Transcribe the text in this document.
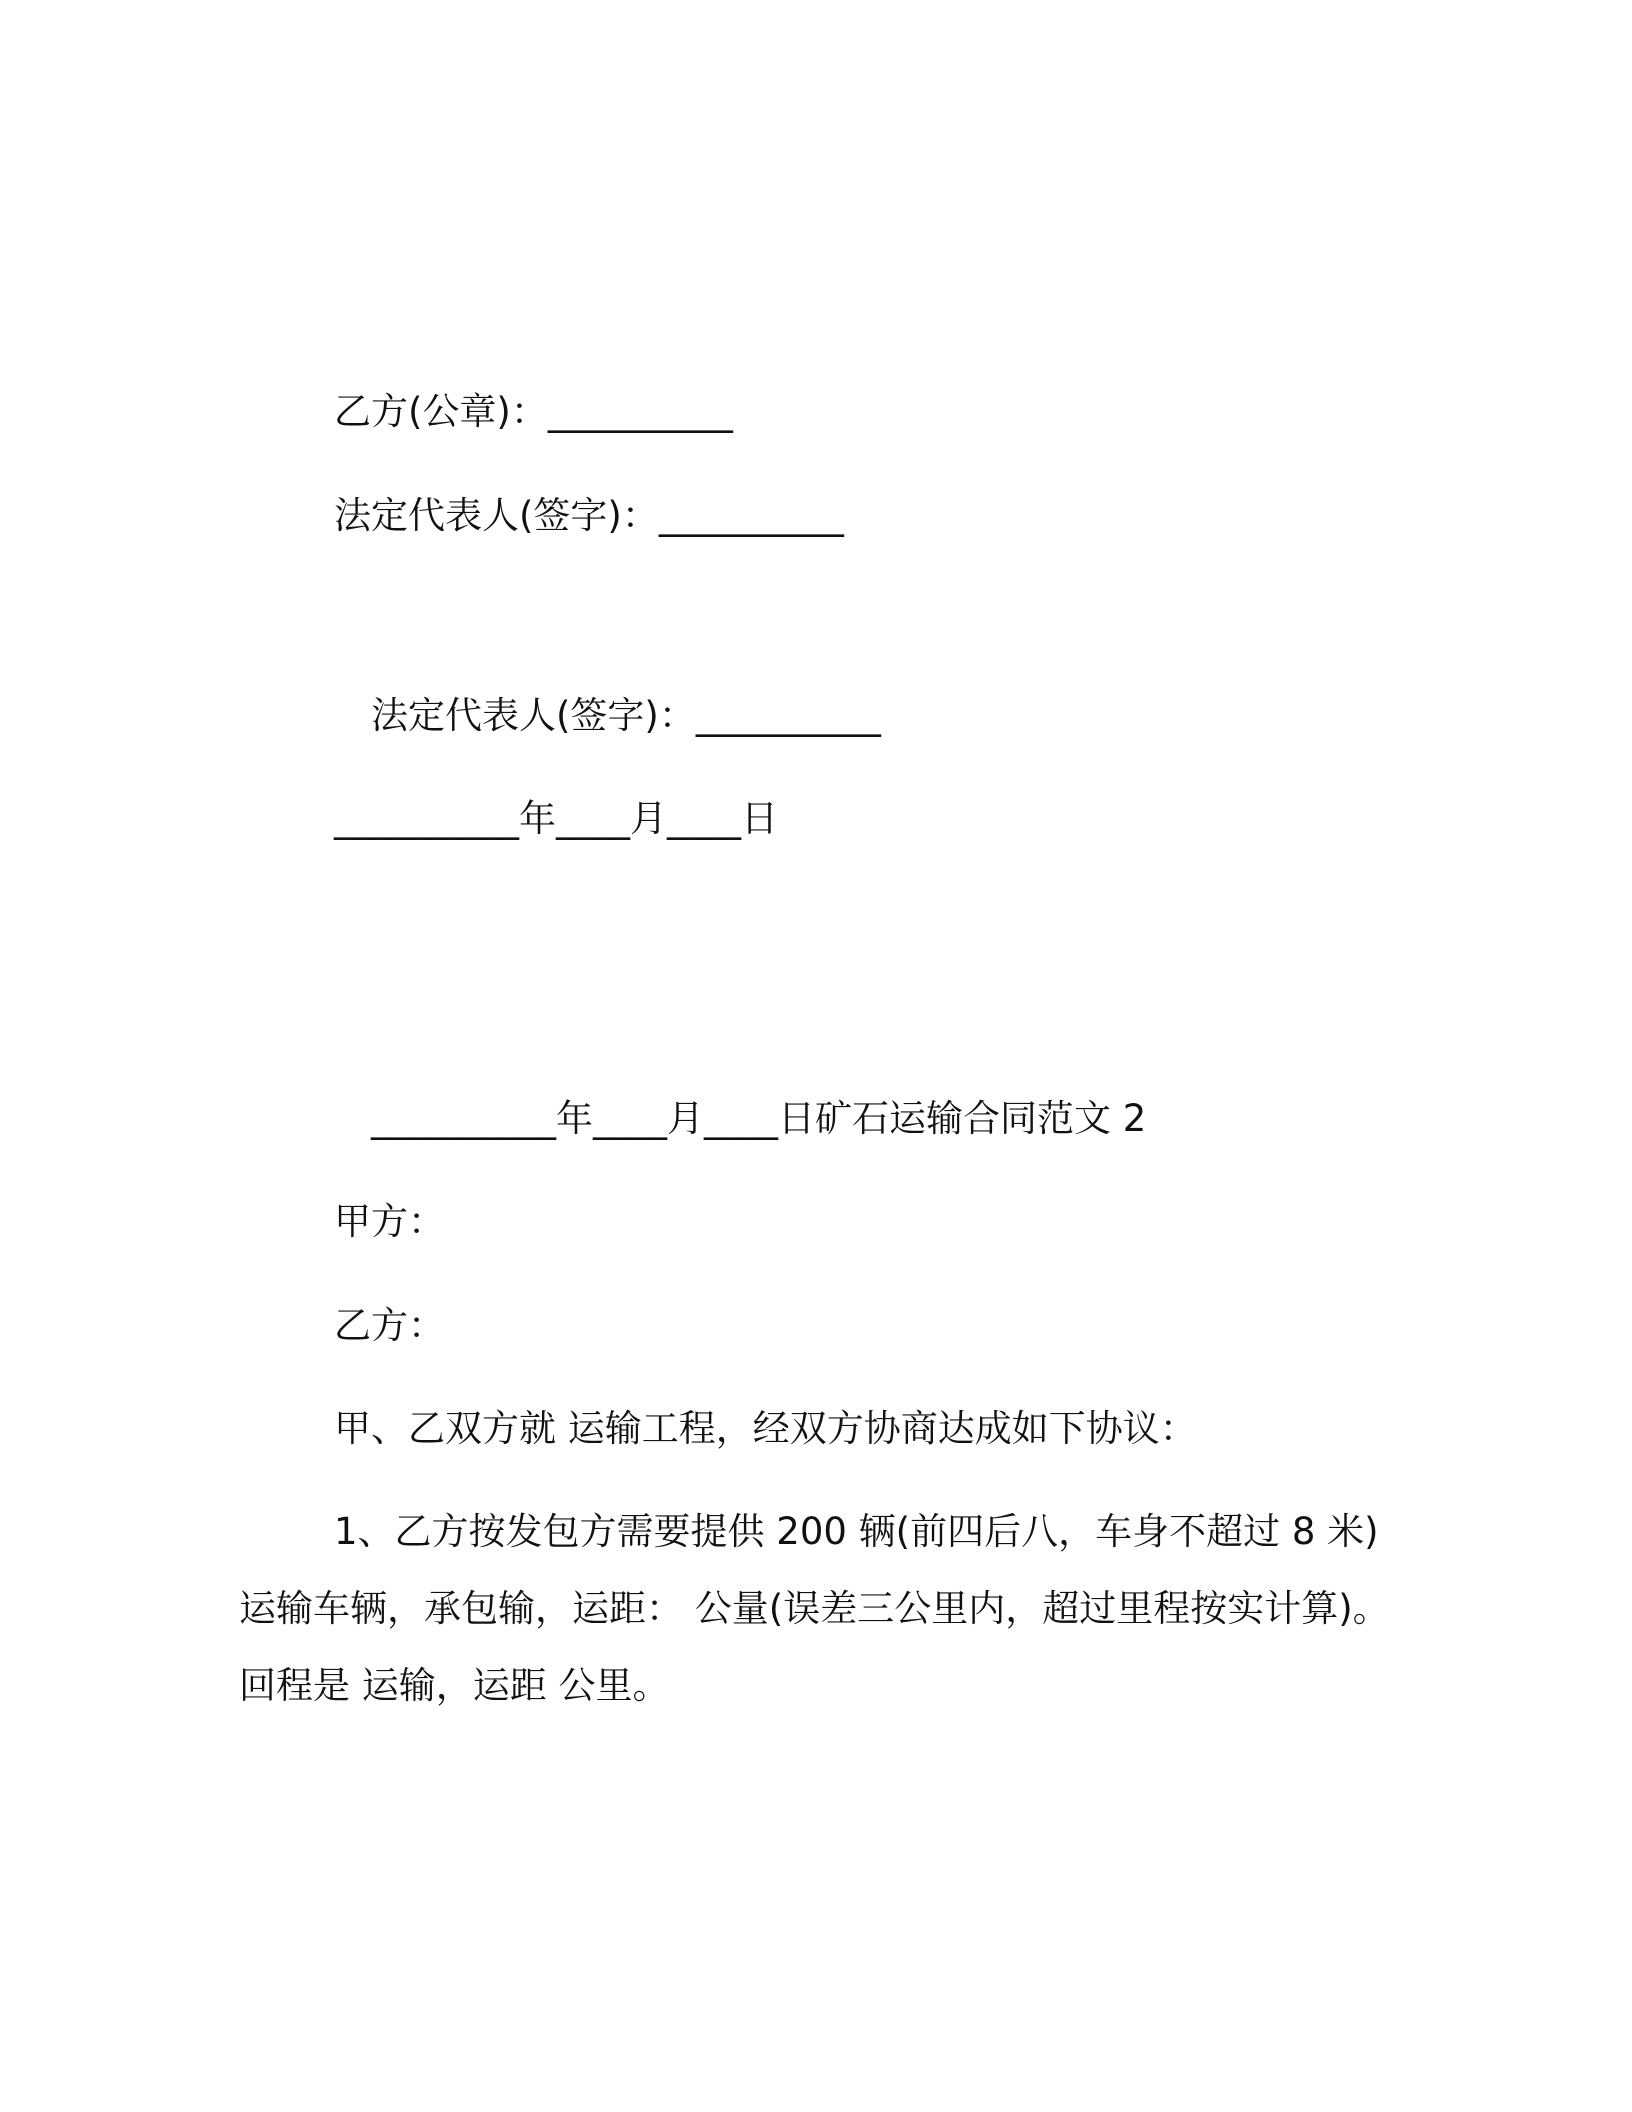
乙方(公章)：__________
法定代表人(签字)：__________
法定代表人(签字)：__________
__________年____月____日
__________年____月____日矿石运输合同范文 2
甲方：
乙方：
甲、乙双方就 运输工程，经双方协商达成如下协议：
1、乙方按发包方需要提供 200 辆(前四后八，车身不超过 8 米)
运输车辆，承包输，运距： 公量(误差三公里内，超过里程按实计算)。
回程是 运输，运距 公里。
